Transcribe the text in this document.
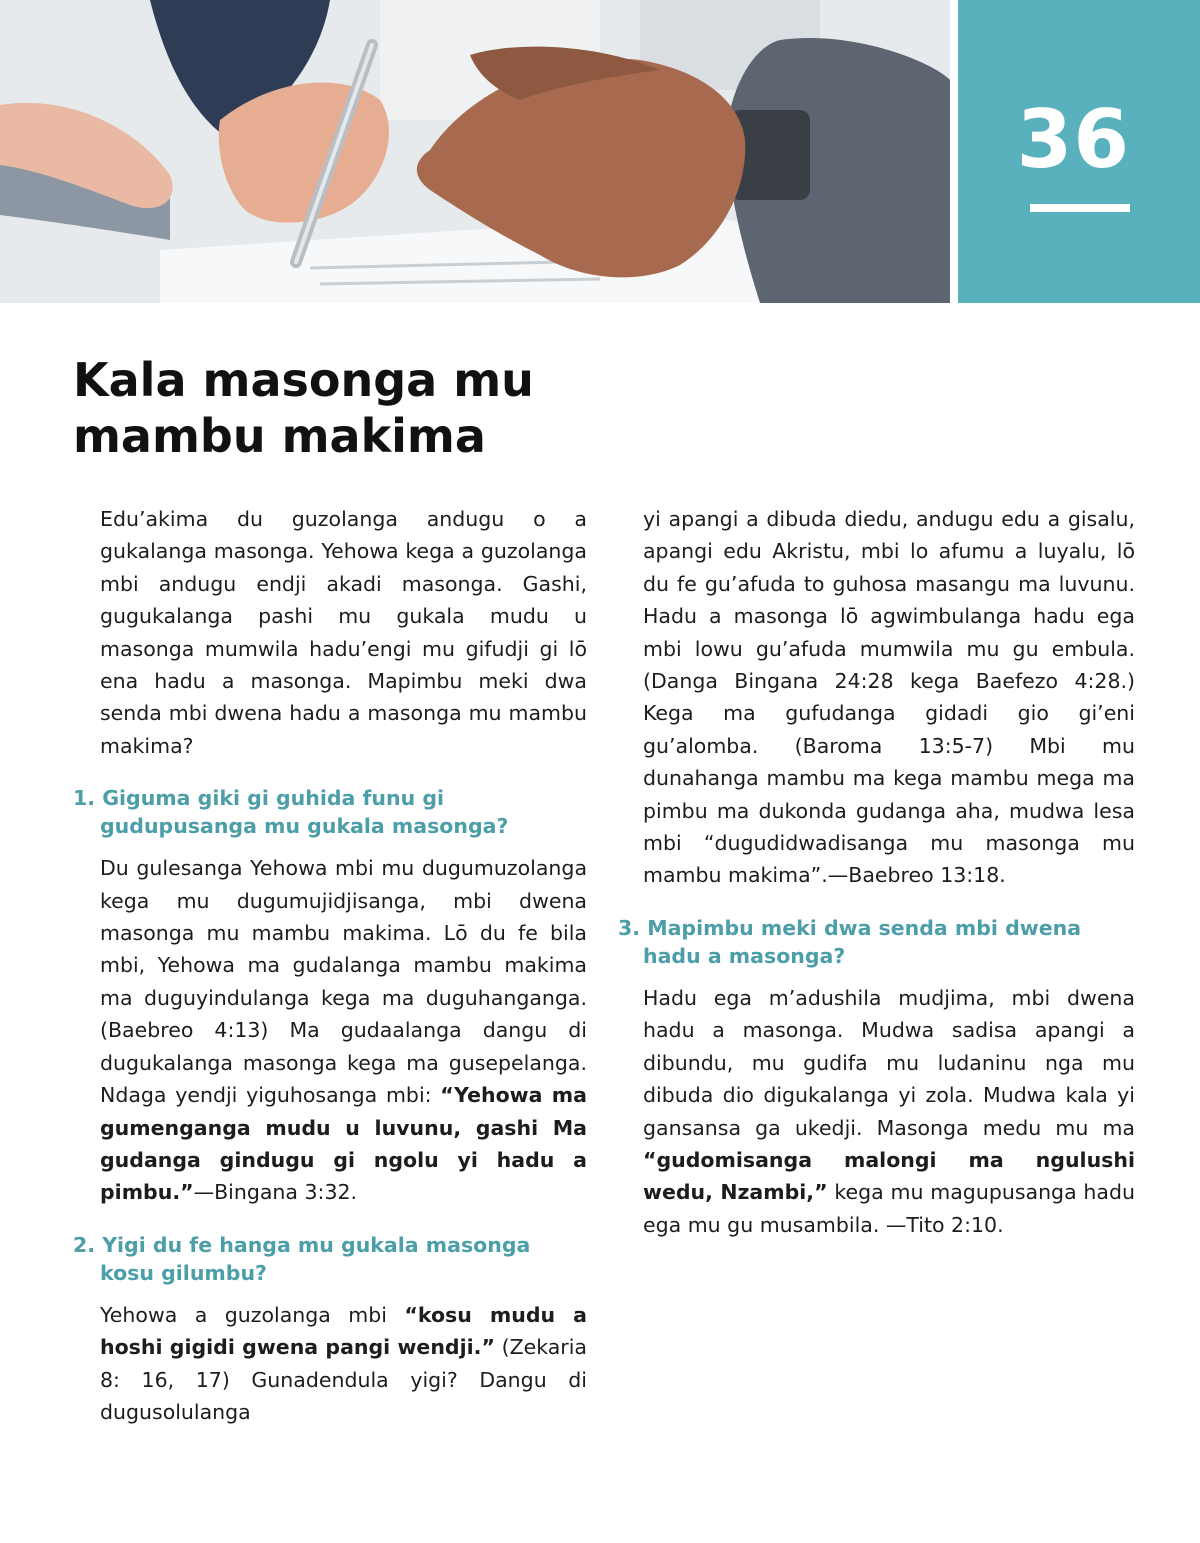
36
Kala masonga mu mambu makima

Edu’akima du guzolanga andugu o a gukalanga masonga. Yehowa kega a guzolanga mbi andugu endji akadi masonga. Gashi, gugukalanga pashi mu gukala mudu u masonga mumwila hadu’engi mu gifudji gi lō ena hadu a masonga. Mapimbu meki dwa senda mbi dwena hadu a masonga mu mambu makima?

1. Giguma giki gi guhida funu gi gudupusanga mu gukala masonga?

Du gulesanga Yehowa mbi mu dugumuzolanga kega mu dugumujidjisanga, mbi dwena masonga mu mambu makima. Lō du fe bila mbi, Yehowa ma gudalanga mambu makima ma duguyindulanga kega ma duguhanganga. (Baebreo 4:13) Ma gudaalanga dangu di dugukalanga masonga kega ma gusepelanga. Ndaga yendji yiguhosanga mbi: “Yehowa ma gumenganga mudu u luvunu, gashi Ma gudanga gindugu gi ngolu yi hadu a pimbu.”—Bingana 3:32.

2. Yigi du fe hanga mu gukala masonga kosu gilumbu?

Yehowa a guzolanga mbi “kosu mudu a hoshi gigidi gwena pangi wendji.” (Zekaria 8: 16, 17) Gunadendula yigi? Dangu di dugusolulanga

yi apangi a dibuda diedu, andugu edu a gisalu, apangi edu Akristu, mbi lo afumu a luyalu, lō du fe gu’afuda to guhosa masangu ma luvunu. Hadu a masonga lō agwimbulanga hadu ega mbi lowu gu’afuda mumwila mu gu embula. (Danga Bingana 24:28 kega Baefezo 4:28.) Kega ma gufudanga gidadi gio gi’eni gu’alomba. (Baroma 13:5-7) Mbi mu dunahanga mambu ma kega mambu mega ma pimbu ma dukonda gudanga aha, mudwa lesa mbi “dugudidwadisanga mu masonga mu mambu makima”.—Baebreo 13:18.

3. Mapimbu meki dwa senda mbi dwena hadu a masonga?

Hadu ega m’adushila mudjima, mbi dwena hadu a masonga. Mudwa sadisa apangi a dibundu, mu gudifa mu ludaninu nga mu dibuda dio digukalanga yi zola. Mudwa kala yi gansansa ga ukedji. Masonga medu mu ma “gudomisanga malongi ma ngulushi wedu, Nzambi,” kega mu magupusanga hadu ega mu gu musambila. —Tito 2:10.
